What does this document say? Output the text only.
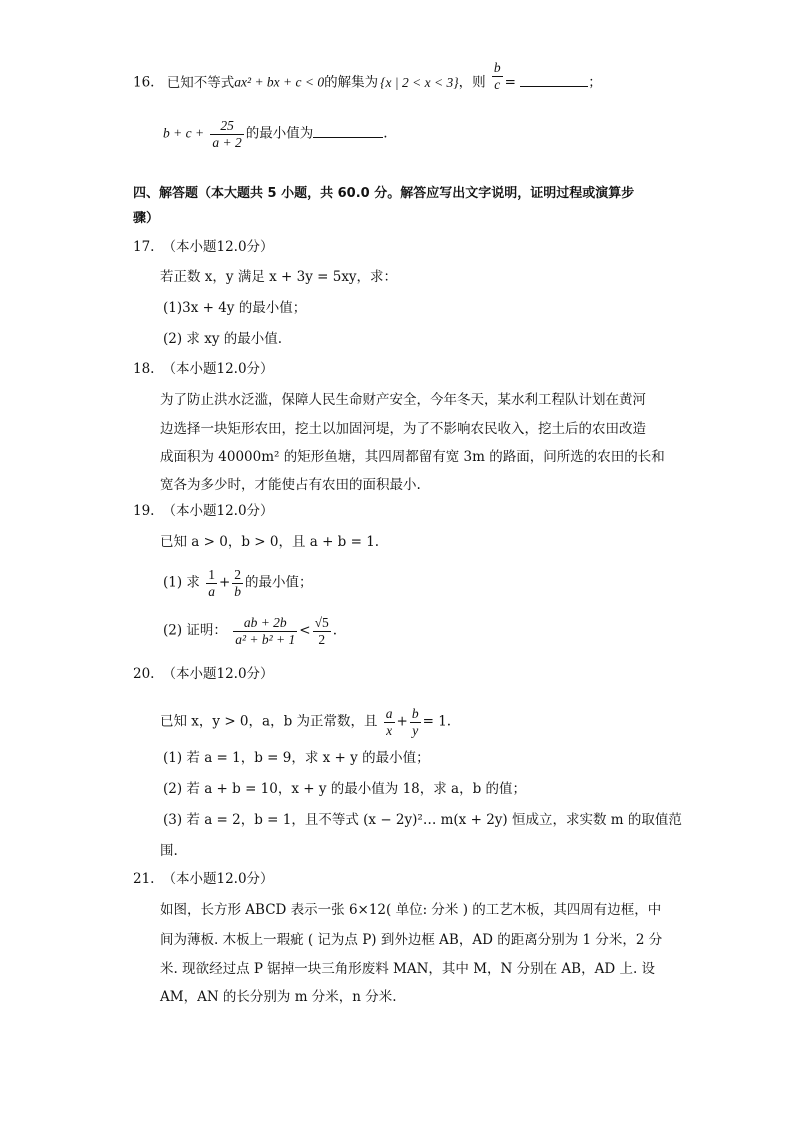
16. 已知不等式ax² + bx + c < 0的解集为 {x | 2 < x < 3}，则 $\frac{b}{c}$ =	；
$b + c + \frac{25}{a + 2}$ 的最小值为	.
四、解答题（本大题共 5 小题，共 60.0 分。解答应写出文字说明，证明过程或演算步
骤）
17. （本小题12.0分）
若正数 x，y 满足 x + 3y = 5xy，求：
(1)3x + 4y 的最小值；
(2) 求 xy 的最小值.
18. （本小题12.0分）
为了防止洪水泛滥，保障人民生命财产安全，今年冬天，某水利工程队计划在黄河
边选择一块矩形农田，挖土以加固河堤，为了不影响农民收入，挖土后的农田改造
成面积为 40000m² 的矩形鱼塘，其四周都留有宽 3m 的路面，问所选的农田的长和
宽各为多少时，才能使占有农田的面积最小.
19. （本小题12.0分）
已知 a > 0，b > 0，且 a + b = 1.
(1) 求 $\frac{1}{a} + \frac{2}{b}$ 的最小值；
(2) 证明： $\frac{ab + 2b}{\text{a² + b² + 1}} < \frac{√5}{2}$ .
20. （本小题12.0分）
已知 x，y > 0，a，b 为正常数，且 $\frac{a}{x} + \frac{b}{y} = 1$.
(1) 若 a = 1，b = 9，求 x + y 的最小值；
(2) 若 a + b = 10，x + y 的最小值为 18，求 a，b 的值；
(3) 若 a = 2，b = 1，且不等式 (x − 2y)²… m(x + 2y) 恒成立，求实数 m 的取值范
围.
21. （本小题12.0分）
如图，长方形 ABCD 表示一张 6×12( 单位: 分米 ) 的工艺木板，其四周有边框，中
间为薄板. 木板上一瑕疵 ( 记为点 P) 到外边框 AB，AD 的距离分别为 1 分米，2 分
米. 现欲经过点 P 锯掉一块三角形废料 MAN，其中 M，N 分别在 AB，AD 上. 设
AM，AN 的长分别为 m 分米，n 分米.
